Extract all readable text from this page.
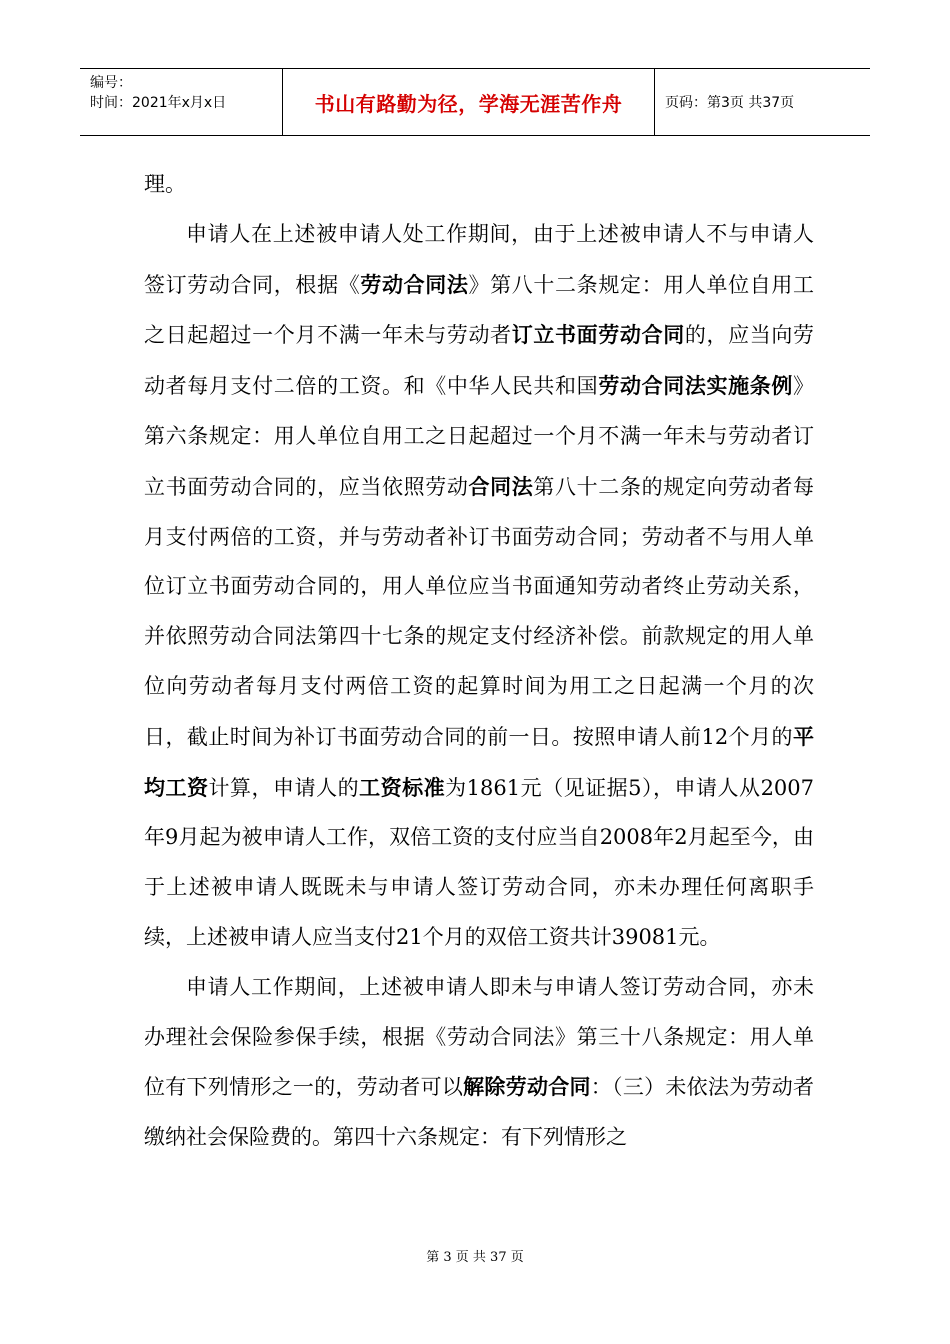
编号：
时间：2021年x月x日	书山有路勤为径，学海无涯苦作舟	页码：第3页 共37页

理。

申请人在上述被申请人处工作期间，由于上述被申请人不与申请人签订劳动合同，根据《劳动合同法》第八十二条规定：用人单位自用工之日起超过一个月不满一年未与劳动者订立书面劳动合同的，应当向劳动者每月支付二倍的工资。和《中华人民共和国劳动合同法实施条例》第六条规定：用人单位自用工之日起超过一个月不满一年未与劳动者订立书面劳动合同的，应当依照劳动合同法第八十二条的规定向劳动者每月支付两倍的工资，并与劳动者补订书面劳动合同；劳动者不与用人单位订立书面劳动合同的，用人单位应当书面通知劳动者终止劳动关系，并依照劳动合同法第四十七条的规定支付经济补偿。前款规定的用人单位向劳动者每月支付两倍工资的起算时间为用工之日起满一个月的次日，截止时间为补订书面劳动合同的前一日。按照申请人前12个月的平均工资计算，申请人的工资标准为1861元（见证据5），申请人从2007年9月起为被申请人工作，双倍工资的支付应当自2008年2月起至今，由于上述被申请人既既未与申请人签订劳动合同，亦未办理任何离职手续，上述被申请人应当支付21个月的双倍工资共计39081元。

申请人工作期间，上述被申请人即未与申请人签订劳动合同，亦未办理社会保险参保手续，根据《劳动合同法》第三十八条规定：用人单位有下列情形之一的，劳动者可以解除劳动合同：（三）未依法为劳动者缴纳社会保险费的。第四十六条规定：有下列情形之

第 3 页 共 37 页
